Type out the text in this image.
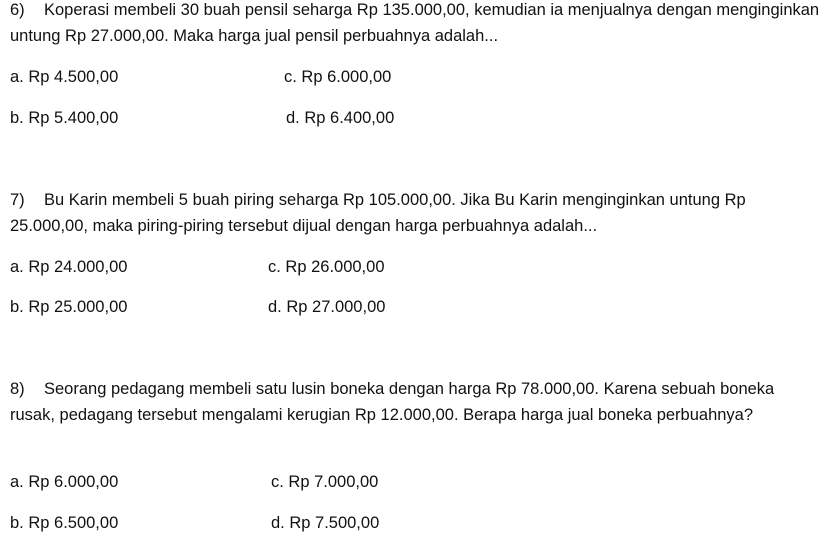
6) Koperasi membeli 30 buah pensil seharga Rp 135.000,00, kemudian ia menjualnya dengan menginginkan untung Rp 27.000,00. Maka harga jual pensil perbuahnya adalah...

a. Rp 4.500,00	c. Rp 6.000,00
b. Rp 5.400,00	d. Rp 6.400,00

7) Bu Karin membeli 5 buah piring seharga Rp 105.000,00. Jika Bu Karin menginginkan untung Rp 25.000,00, maka piring-piring tersebut dijual dengan harga perbuahnya adalah...

a. Rp 24.000,00	c. Rp 26.000,00
b. Rp 25.000,00	d. Rp 27.000,00

8) Seorang pedagang membeli satu lusin boneka dengan harga Rp 78.000,00. Karena sebuah boneka rusak, pedagang tersebut mengalami kerugian Rp 12.000,00. Berapa harga jual boneka perbuahnya?

a. Rp 6.000,00	c. Rp 7.000,00
b. Rp 6.500,00	d. Rp 7.500,00
